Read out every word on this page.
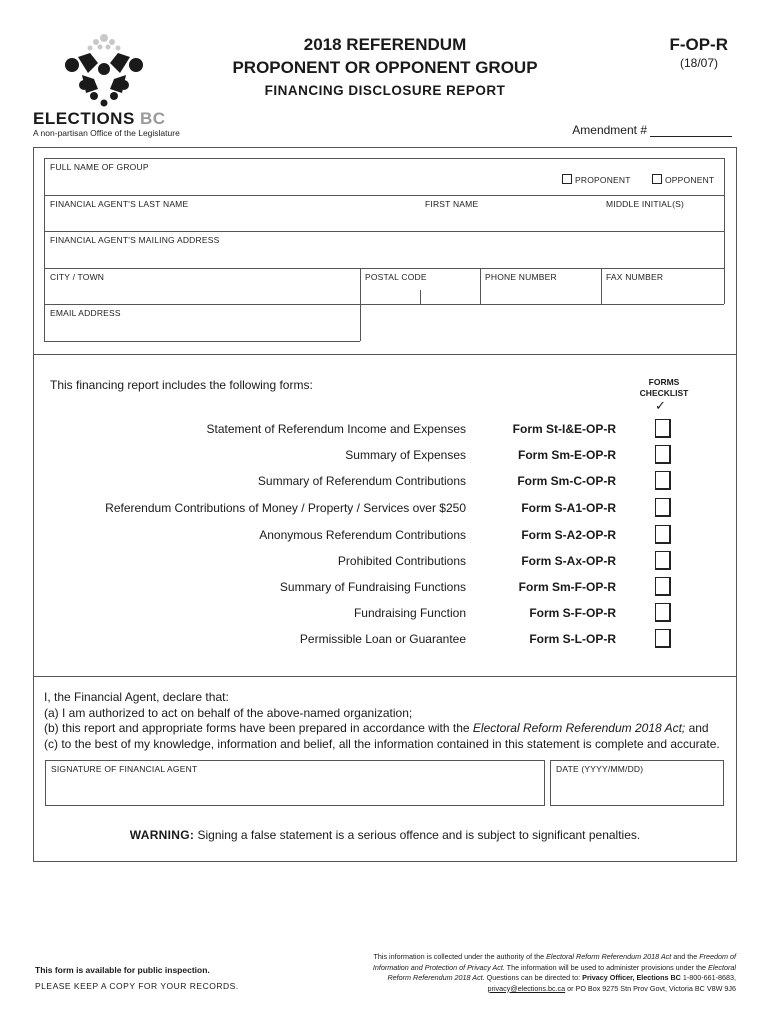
ELECTIONS BC
A non-partisan Office of the Legislature
2018 REFERENDUM
PROPONENT OR OPPONENT GROUP
FINANCING DISCLOSURE REPORT
F-OP-R
(18/07)
Amendment #
FULL NAME OF GROUP
PROPONENT	OPPONENT
FINANCIAL AGENT'S LAST NAME	FIRST NAME	MIDDLE INITIAL(S)
FINANCIAL AGENT'S MAILING ADDRESS
CITY / TOWN	POSTAL CODE	PHONE NUMBER	FAX NUMBER
EMAIL ADDRESS
This financing report includes the following forms:	FORMS
CHECKLIST
✓
Statement of Referendum Income and Expenses	Form St-I&E-OP-R
Summary of Expenses	Form Sm-E-OP-R
Summary of Referendum Contributions	Form Sm-C-OP-R
Referendum Contributions of Money / Property / Services over $250	Form S-A1-OP-R
Anonymous Referendum Contributions	Form S-A2-OP-R
Prohibited Contributions	Form S-Ax-OP-R
Summary of Fundraising Functions	Form Sm-F-OP-R
Fundraising Function	Form S-F-OP-R
Permissible Loan or Guarantee	Form S-L-OP-R
I, the Financial Agent, declare that:
(a) I am authorized to act on behalf of the above-named organization;
(b) this report and appropriate forms have been prepared in accordance with the Electoral Reform Referendum 2018 Act; and
(c) to the best of my knowledge, information and belief, all the information contained in this statement is complete and accurate.
SIGNATURE OF FINANCIAL AGENT	DATE (YYYY/MM/DD)
WARNING: Signing a false statement is a serious offence and is subject to significant penalties.
This form is available for public inspection.
PLEASE KEEP A COPY FOR YOUR RECORDS.
This information is collected under the authority of the Electoral Reform Referendum 2018 Act and the Freedom of
Information and Protection of Privacy Act. The information will be used to administer provisions under the Electoral
Reform Referendum 2018 Act. Questions can be directed to: Privacy Officer, Elections BC 1-800-661-8683,
privacy@elections.bc.ca or PO Box 9275 Stn Prov Govt, Victoria BC V8W 9J6
